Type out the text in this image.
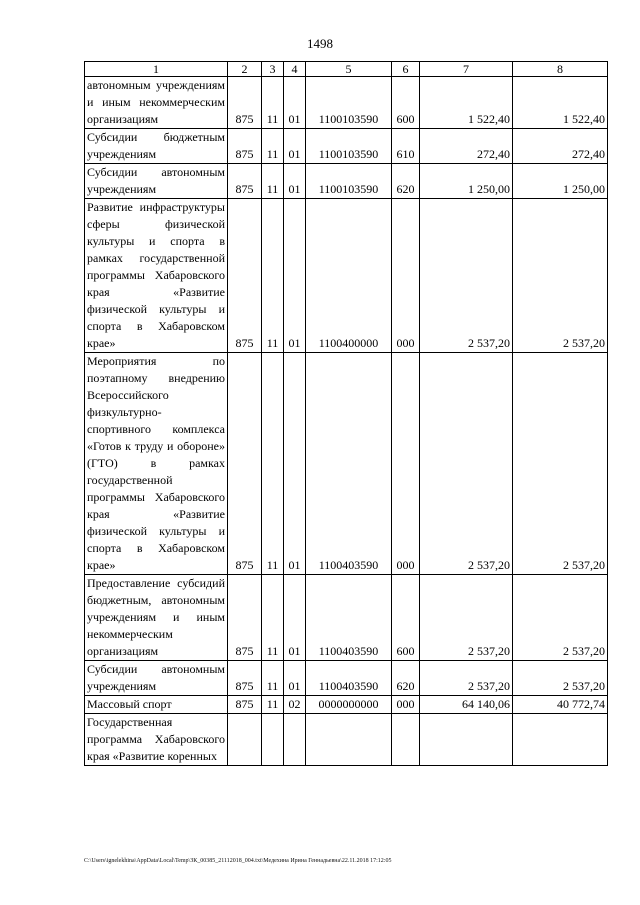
1498
1	2	3	4	5	6	7	8
автономным учреждениям и иным некоммерческим организациям	875	11	01	1100103590	600	1 522,40	1 522,40
Субсидии бюджетным учреждениям	875	11	01	1100103590	610	272,40	272,40
Субсидии автономным учреждениям	875	11	01	1100103590	620	1 250,00	1 250,00
Развитие инфраструктуры сферы физической культуры и спорта в рамках государственной программы Хабаровского края «Развитие физической культуры и спорта в Хабаровском крае»	875	11	01	1100400000	000	2 537,20	2 537,20
Мероприятия по поэтапному внедрению Всероссийского физкультурно-спортивного комплекса «Готов к труду и обороне» (ГТО) в рамках государственной программы Хабаровского края «Развитие физической культуры и спорта в Хабаровском крае»	875	11	01	1100403590	000	2 537,20	2 537,20
Предоставление субсидий бюджетным, автономным учреждениям и иным некоммерческим организациям	875	11	01	1100403590	600	2 537,20	2 537,20
Субсидии автономным учреждениям	875	11	01	1100403590	620	2 537,20	2 537,20
Массовый спорт	875	11	02	0000000000	000	64 140,06	40 772,74
Государственная программа Хабаровского края «Развитие коренных							
C:\Users\ignelekhina\AppData\Local\Temp\ЗК_00385_21112018_004.txt\Медехина Ирина Геннадьевна\22.11.2018 17:12:05
